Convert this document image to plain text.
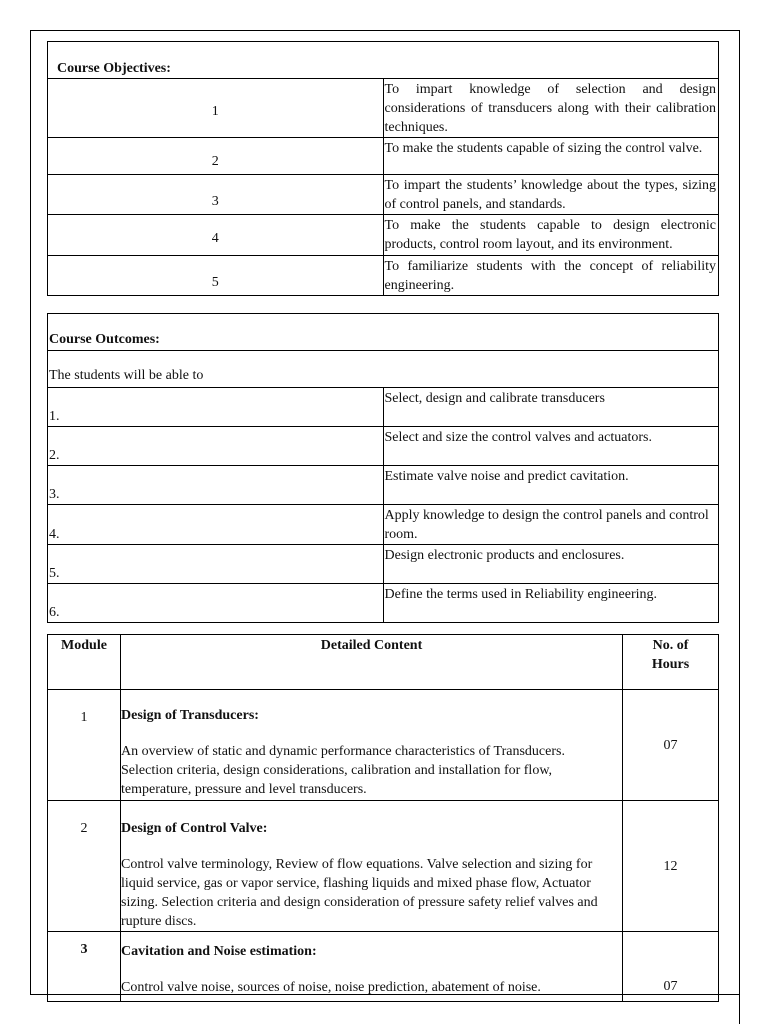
Course Objectives:	
1	To impart knowledge of selection and design considerations of transducers along with their calibration techniques.
2	To make the students capable of sizing the control valve.
3	To impart the students’ knowledge about the types, sizing of control panels, and standards.
4	To make the students capable to design electronic products, control room layout, and its environment.
5	To familiarize students with the concept of reliability engineering.
Course Outcomes:	
The students will be able to	
1.	Select, design and calibrate transducers
2.	Select and size the control valves and actuators.
3.	Estimate valve noise and predict cavitation.
4.	Apply knowledge to design the control panels and control room.
5.	Design electronic products and enclosures.
6.	Define the terms used in Reliability engineering.
Module	Detailed Content	No. of
Hours

1	Design of Transducers:
An overview of static and dynamic performance characteristics of Transducers. Selection criteria, design considerations, calibration and installation for flow, temperature, pressure and level transducers.	07
2	Design of Control Valve:
Control valve terminology, Review of flow equations. Valve selection and sizing for liquid service, gas or vapor service, flashing liquids and mixed phase flow, Actuator sizing. Selection criteria and design consideration of pressure safety relief valves and rupture discs.	12
3	Cavitation and Noise estimation:
Control valve noise, sources of noise, noise prediction, abatement of noise.	07
